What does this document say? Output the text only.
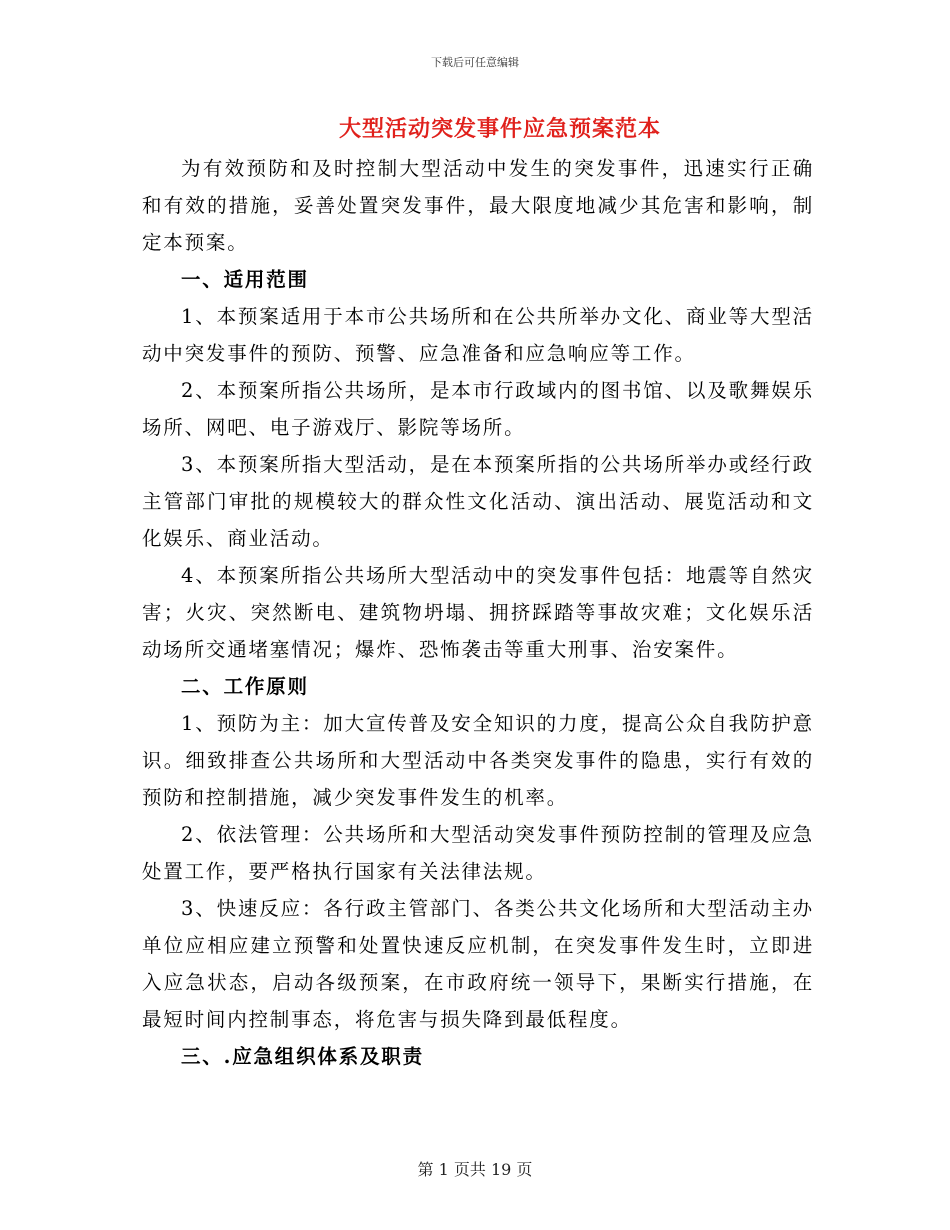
下载后可任意编辑
大型活动突发事件应急预案范本

为有效预防和及时控制大型活动中发生的突发事件，迅速实行正确和有效的措施，妥善处置突发事件，最大限度地减少其危害和影响，制定本预案。

一、适用范围

1、本预案适用于本市公共场所和在公共所举办文化、商业等大型活动中突发事件的预防、预警、应急准备和应急响应等工作。

2、本预案所指公共场所，是本市行政域内的图书馆、以及歌舞娱乐场所、网吧、电子游戏厅、影院等场所。

3、本预案所指大型活动，是在本预案所指的公共场所举办或经行政主管部门审批的规模较大的群众性文化活动、演出活动、展览活动和文化娱乐、商业活动。

4、本预案所指公共场所大型活动中的突发事件包括：地震等自然灾害；火灾、突然断电、建筑物坍塌、拥挤踩踏等事故灾难；文化娱乐活动场所交通堵塞情况；爆炸、恐怖袭击等重大刑事、治安案件。

二、工作原则

1、预防为主：加大宣传普及安全知识的力度，提高公众自我防护意识。细致排查公共场所和大型活动中各类突发事件的隐患，实行有效的预防和控制措施，减少突发事件发生的机率。

2、依法管理：公共场所和大型活动突发事件预防控制的管理及应急处置工作，要严格执行国家有关法律法规。

3、快速反应：各行政主管部门、各类公共文化场所和大型活动主办单位应相应建立预警和处置快速反应机制，在突发事件发生时，立即进入应急状态，启动各级预案，在市政府统一领导下，果断实行措施，在最短时间内控制事态，将危害与损失降到最低程度。

三、.应急组织体系及职责

第 1 页共 19 页
